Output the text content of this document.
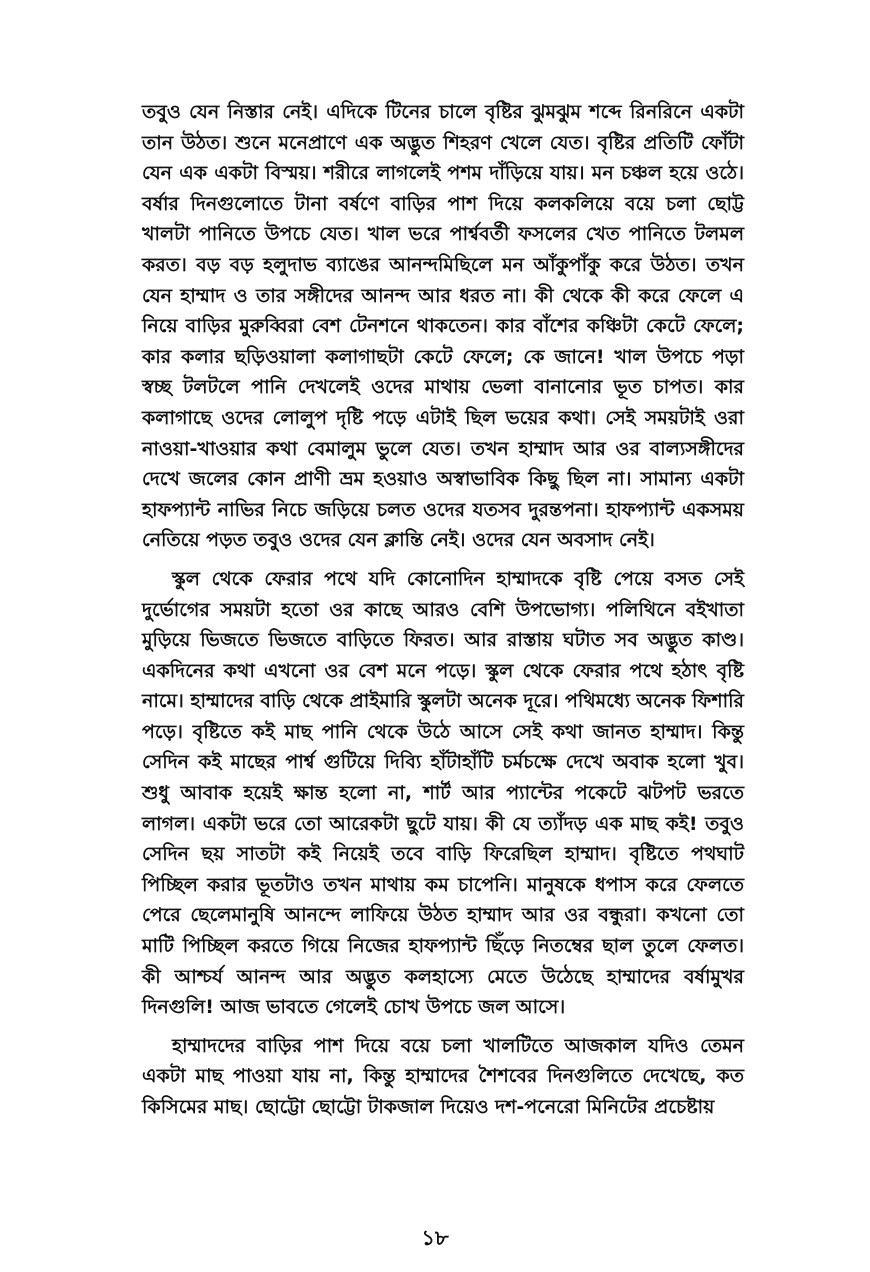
তবুও যেন নিস্তার নেই। এদিকে টিনের চালে বৃষ্টির ঝুমঝুম শব্দে রিনরিনে একটা তান উঠত। শুনে মনেপ্রাণে এক অদ্ভুত শিহরণ খেলে যেত। বৃষ্টির প্রতিটি ফোঁটা যেন এক একটা বিস্ময়। শরীরে লাগলেই পশম দাঁড়িয়ে যায়। মন চঞ্চল হয়ে ওঠে। বর্ষার দিনগুলোতে টানা বর্ষণে বাড়ির পাশ দিয়ে কলকলিয়ে বয়ে চলা ছোট্ট খালটা পানিতে উপচে যেত। খাল ভরে পার্শ্ববর্তী ফসলের খেত পানিতে টলমল করত। বড় বড় হলুদাভ ব্যাঙের আনন্দমিছিলে মন আঁকুপাঁকু করে উঠত। তখন যেন হাম্মাদ ও তার সঙ্গীদের আনন্দ আর ধরত না। কী থেকে কী করে ফেলে এ নিয়ে বাড়ির মুরুব্বিরা বেশ টেনশনে থাকতেন। কার বাঁশের কঞ্চিটা কেটে ফেলে; কার কলার ছড়িওয়ালা কলাগাছটা কেটে ফেলে; কে জানে! খাল উপচে পড়া স্বচ্ছ টলটলে পানি দেখলেই ওদের মাথায় ভেলা বানানোর ভূত চাপত। কার কলাগাছে ওদের লোলুপ দৃষ্টি পড়ে এটাই ছিল ভয়ের কথা। সেই সময়টাই ওরা নাওয়া-খাওয়ার কথা বেমালুম ভুলে যেত। তখন হাম্মাদ আর ওর বাল্যসঙ্গীদের দেখে জলের কোন প্রাণী ভ্রম হওয়াও অস্বাভাবিক কিছু ছিল না। সামান্য একটা হাফপ্যান্ট নাভির নিচে জড়িয়ে চলত ওদের যতসব দুরন্তপনা। হাফপ্যান্ট একসময় নেতিয়ে পড়ত তবুও ওদের যেন ক্লান্তি নেই। ওদের যেন অবসাদ নেই।

স্কুল থেকে ফেরার পথে যদি কোনোদিন হাম্মাদকে বৃষ্টি পেয়ে বসত সেই দুর্ভোগের সময়টা হতো ওর কাছে আরও বেশি উপভোগ্য। পলিথিনে বইখাতা মুড়িয়ে ভিজতে ভিজতে বাড়িতে ফিরত। আর রাস্তায় ঘটাত সব অদ্ভুত কাণ্ড। একদিনের কথা এখনো ওর বেশ মনে পড়ে। স্কুল থেকে ফেরার পথে হঠাৎ বৃষ্টি নামে। হাম্মাদের বাড়ি থেকে প্রাইমারি স্কুলটা অনেক দূরে। পথিমধ্যে অনেক ফিশারি পড়ে। বৃষ্টিতে কই মাছ পানি থেকে উঠে আসে সেই কথা জানত হাম্মাদ। কিন্তু সেদিন কই মাছের পার্শ্ব গুটিয়ে দিব্যি হাঁটাহাঁটি চর্মচক্ষে দেখে অবাক হলো খুব। শুধু আবাক হয়েই ক্ষান্ত হলো না, শার্ট আর প্যান্টের পকেটে ঝটপট ভরতে লাগল। একটা ভরে তো আরেকটা ছুটে যায়। কী যে ত্যাঁদড় এক মাছ কই! তবুও সেদিন ছয় সাতটা কই নিয়েই তবে বাড়ি ফিরেছিল হাম্মাদ। বৃষ্টিতে পথঘাট পিচ্ছিল করার ভূতটাও তখন মাথায় কম চাপেনি। মানুষকে ধপাস করে ফেলতে পেরে ছেলেমানুষি আনন্দে লাফিয়ে উঠত হাম্মাদ আর ওর বন্ধুরা। কখনো তো মাটি পিচ্ছিল করতে গিয়ে নিজের হাফপ্যান্ট ছিঁড়ে নিতম্বের ছাল তুলে ফেলত। কী আশ্চর্য আনন্দ আর অদ্ভুত কলহাস্যে মেতে উঠেছে হাম্মাদের বর্ষামুখর দিনগুলি! আজ ভাবতে গেলেই চোখ উপচে জল আসে।

হাম্মাদদের বাড়ির পাশ দিয়ে বয়ে চলা খালটিতে আজকাল যদিও তেমন একটা মাছ পাওয়া যায় না, কিন্তু হাম্মাদের শৈশবের দিনগুলিতে দেখেছে, কত কিসিমের মাছ। ছোট্টো ছোট্টো টাকজাল দিয়েও দশ-পনেরো মিনিটের প্রচেষ্টায়

১৮
